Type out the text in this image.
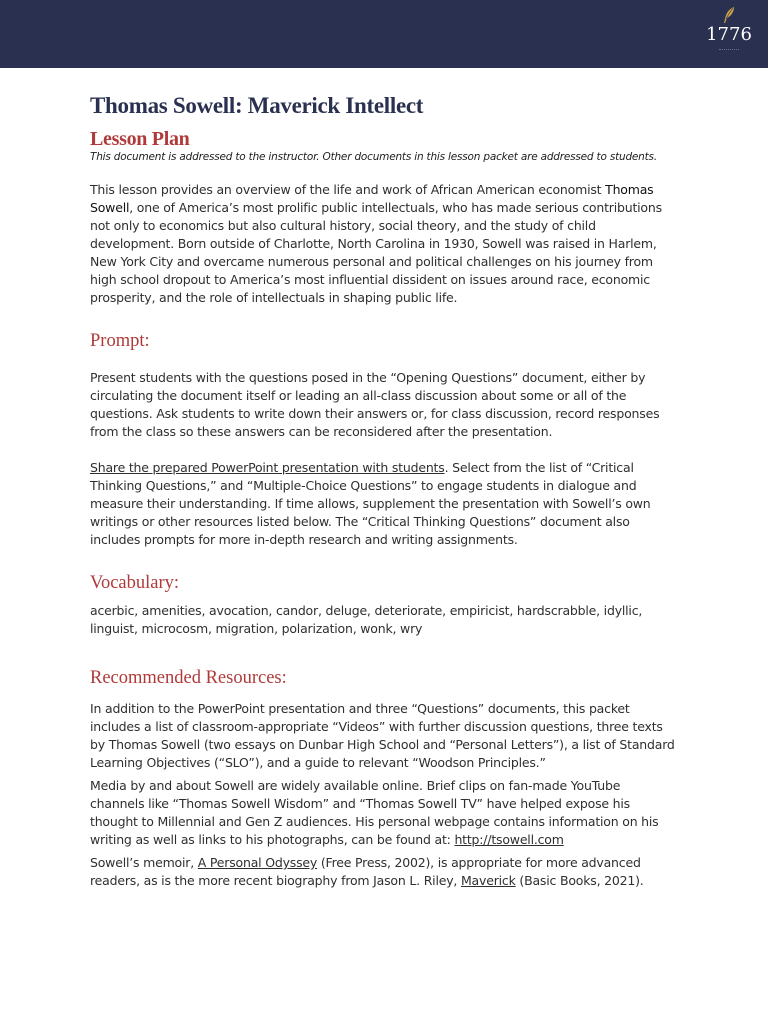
1776
Thomas Sowell: Maverick Intellect
Lesson Plan
This document is addressed to the instructor. Other documents in this lesson packet are addressed to students.

This lesson provides an overview of the life and work of African American economist Thomas Sowell, one of America’s most prolific public intellectuals, who has made serious contributions not only to economics but also cultural history, social theory, and the study of child development. Born outside of Charlotte, North Carolina in 1930, Sowell was raised in Harlem, New York City and overcame numerous personal and political challenges on his journey from high school dropout to America’s most influential dissident on issues around race, economic prosperity, and the role of intellectuals in shaping public life.

Prompt:

Present students with the questions posed in the “Opening Questions” document, either by circulating the document itself or leading an all-class discussion about some or all of the questions. Ask students to write down their answers or, for class discussion, record responses from the class so these answers can be reconsidered after the presentation.

Share the prepared PowerPoint presentation with students. Select from the list of “Critical Thinking Questions,” and “Multiple-Choice Questions” to engage students in dialogue and measure their understanding. If time allows, supplement the presentation with Sowell’s own writings or other resources listed below. The “Critical Thinking Questions” document also includes prompts for more in-depth research and writing assignments.

Vocabulary:

acerbic, amenities, avocation, candor, deluge, deteriorate, empiricist, hardscrabble, idyllic, linguist, microcosm, migration, polarization, wonk, wry

Recommended Resources:

In addition to the PowerPoint presentation and three “Questions” documents, this packet includes a list of classroom-appropriate “Videos” with further discussion questions, three texts by Thomas Sowell (two essays on Dunbar High School and “Personal Letters”), a list of Standard Learning Objectives (“SLO”), and a guide to relevant “Woodson Principles.”

Media by and about Sowell are widely available online. Brief clips on fan-made YouTube channels like “Thomas Sowell Wisdom” and “Thomas Sowell TV” have helped expose his thought to Millennial and Gen Z audiences. His personal webpage contains information on his writing as well as links to his photographs, can be found at: http://tsowell.com

Sowell’s memoir, A Personal Odyssey (Free Press, 2002), is appropriate for more advanced readers, as is the more recent biography from Jason L. Riley, Maverick (Basic Books, 2021).
